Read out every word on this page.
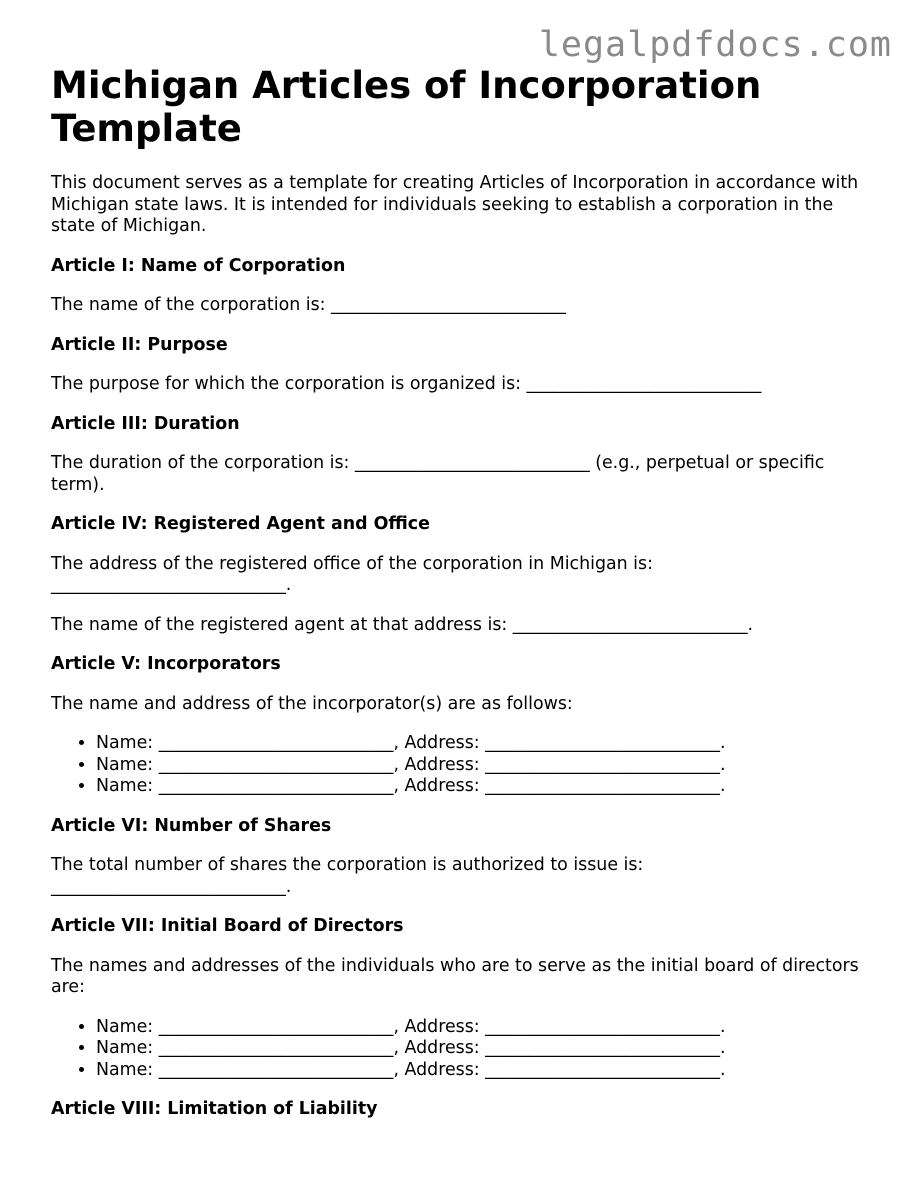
legalpdfdocs.com
Michigan Articles of Incorporation Template

This document serves as a template for creating Articles of Incorporation in accordance with Michigan state laws. It is intended for individuals seeking to establish a corporation in the state of Michigan.

Article I: Name of Corporation

The name of the corporation is: ___________________________

Article II: Purpose

The purpose for which the corporation is organized is: ___________________________

Article III: Duration

The duration of the corporation is: ___________________________ (e.g., perpetual or specific term).

Article IV: Registered Agent and Office

The address of the registered office of the corporation in Michigan is: ___________________________.

The name of the registered agent at that address is: ___________________________.

Article V: Incorporators

The name and address of the incorporator(s) are as follows:

• Name: ___________________________, Address: ___________________________.
• Name: ___________________________, Address: ___________________________.
• Name: ___________________________, Address: ___________________________.
Article VI: Number of Shares

The total number of shares the corporation is authorized to issue is: ___________________________.

Article VII: Initial Board of Directors

The names and addresses of the individuals who are to serve as the initial board of directors are:

• Name: ___________________________, Address: ___________________________.
• Name: ___________________________, Address: ___________________________.
• Name: ___________________________, Address: ___________________________.
Article VIII: Limitation of Liability
